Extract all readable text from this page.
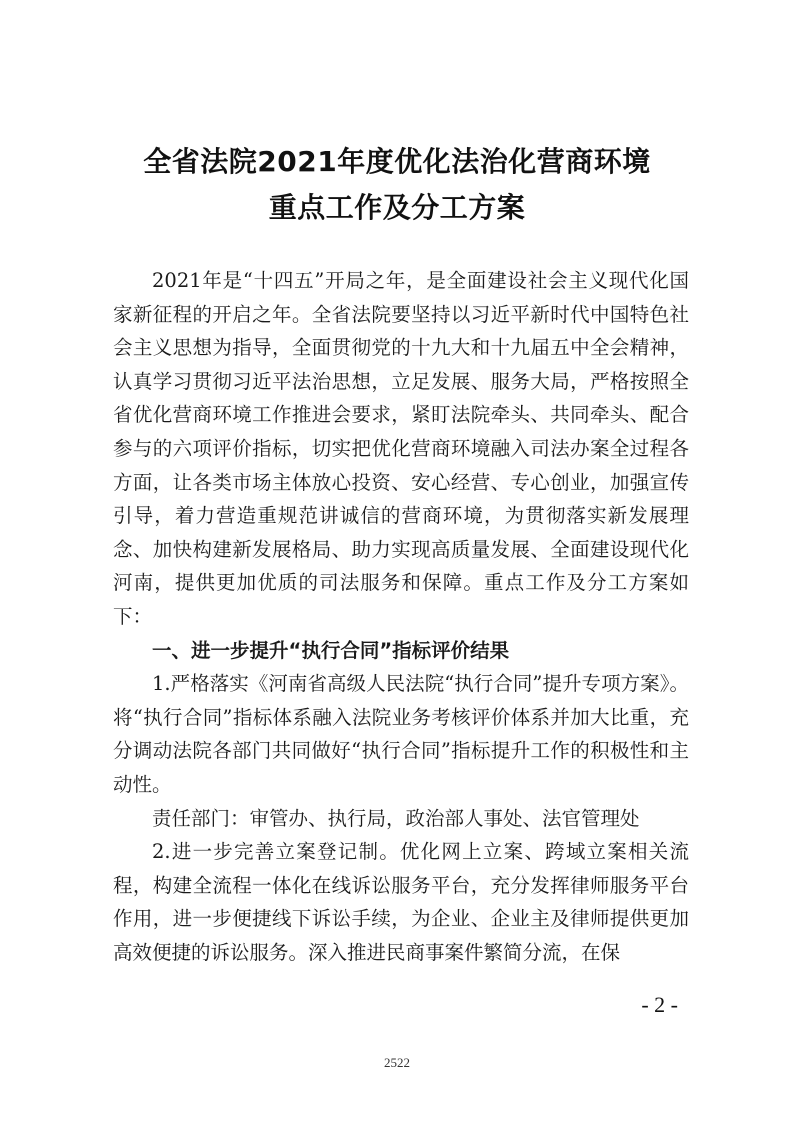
全省法院2021年度优化法治化营商环境
重点工作及分工方案

2021年是“十四五”开局之年，是全面建设社会主义现代化国家新征程的开启之年。全省法院要坚持以习近平新时代中国特色社会主义思想为指导，全面贯彻党的十九大和十九届五中全会精神，认真学习贯彻习近平法治思想，立足发展、服务大局，严格按照全省优化营商环境工作推进会要求，紧盯法院牵头、共同牵头、配合参与的六项评价指标，切实把优化营商环境融入司法办案全过程各方面，让各类市场主体放心投资、安心经营、专心创业，加强宣传引导，着力营造重规范讲诚信的营商环境，为贯彻落实新发展理念、加快构建新发展格局、助力实现高质量发展、全面建设现代化河南，提供更加优质的司法服务和保障。重点工作及分工方案如下：

一、进一步提升“执行合同”指标评价结果

1.严格落实《河南省高级人民法院“执行合同”提升专项方案》。将“执行合同”指标体系融入法院业务考核评价体系并加大比重，充分调动法院各部门共同做好“执行合同”指标提升工作的积极性和主动性。

责任部门：审管办、执行局，政治部人事处、法官管理处

2.进一步完善立案登记制。优化网上立案、跨域立案相关流程，构建全流程一体化在线诉讼服务平台，充分发挥律师服务平台作用，进一步便捷线下诉讼手续，为企业、企业主及律师提供更加高效便捷的诉讼服务。深入推进民商事案件繁简分流，在保

- 2 -
2522
